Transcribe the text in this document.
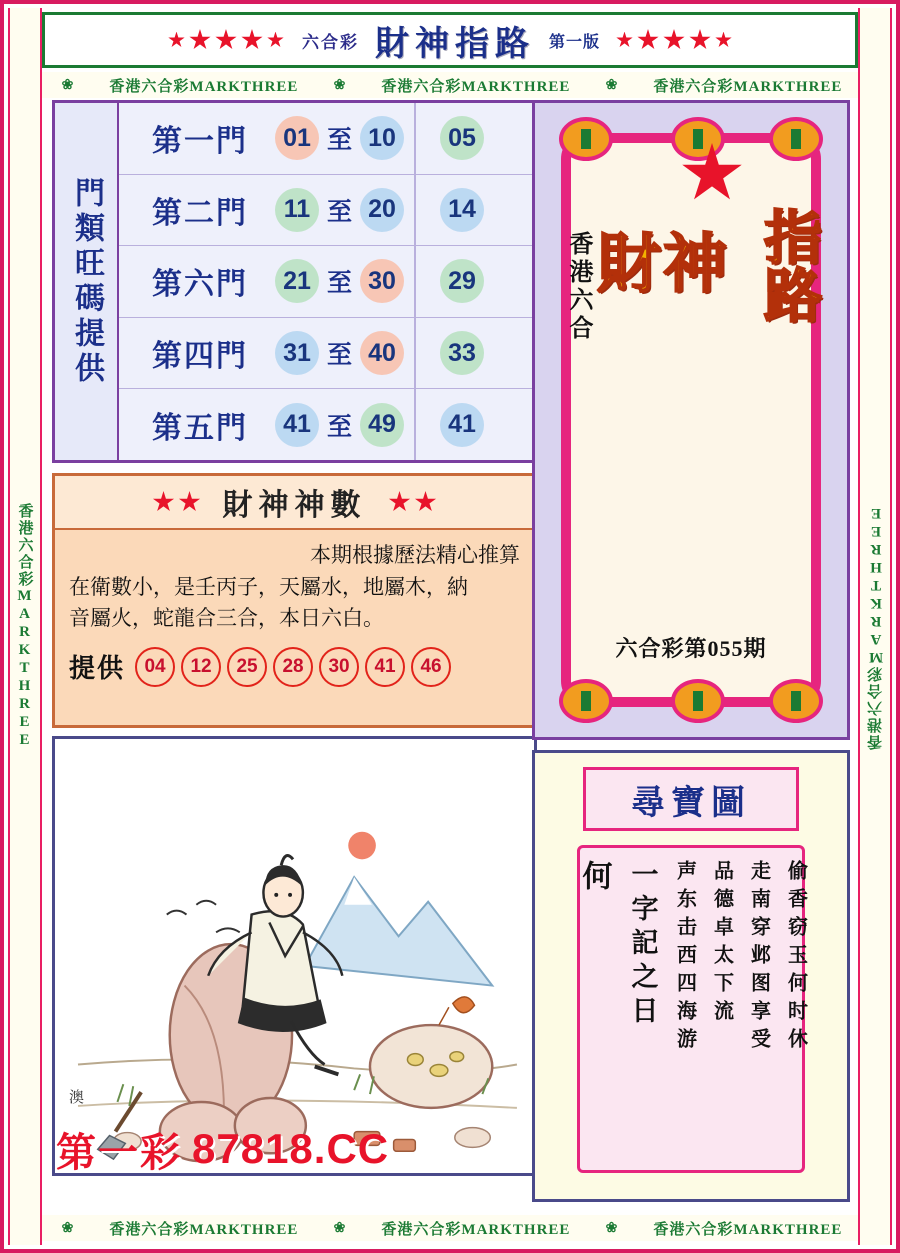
香港六合彩MARKTHREE	香港六合彩MARKTHREE
六合彩 財神指路 第一版
❀ 香港六合彩MARKTHREE	❀ 香港六合彩MARKTHREE	❀ 香港六合彩MARKTHREE
門類旺碼提供
第一門	01 至 10	05
第二門	11 至 20	14
第六門	21 至 30	29
第四門	31 至 40	33
第五門	41 至 49	41
財神神數
本期根據歷法精心推算
在衛數小，是壬丙子，天屬水，地屬木，納
音屬火，蛇龍合三合，本日六白。
提供	04	12	25	28	30	41	46
澳
香港六合 財神 指路
六合彩第055期
尋寶圖
偷香窃玉何时休
走南穿邺图享受
品德卓太下流
声东击西四海游
一字記之日
何
第一彩 87818.CC
❀ 香港六合彩MARKTHREE	❀ 香港六合彩MARKTHREE	❀ 香港六合彩MARKTHREE
